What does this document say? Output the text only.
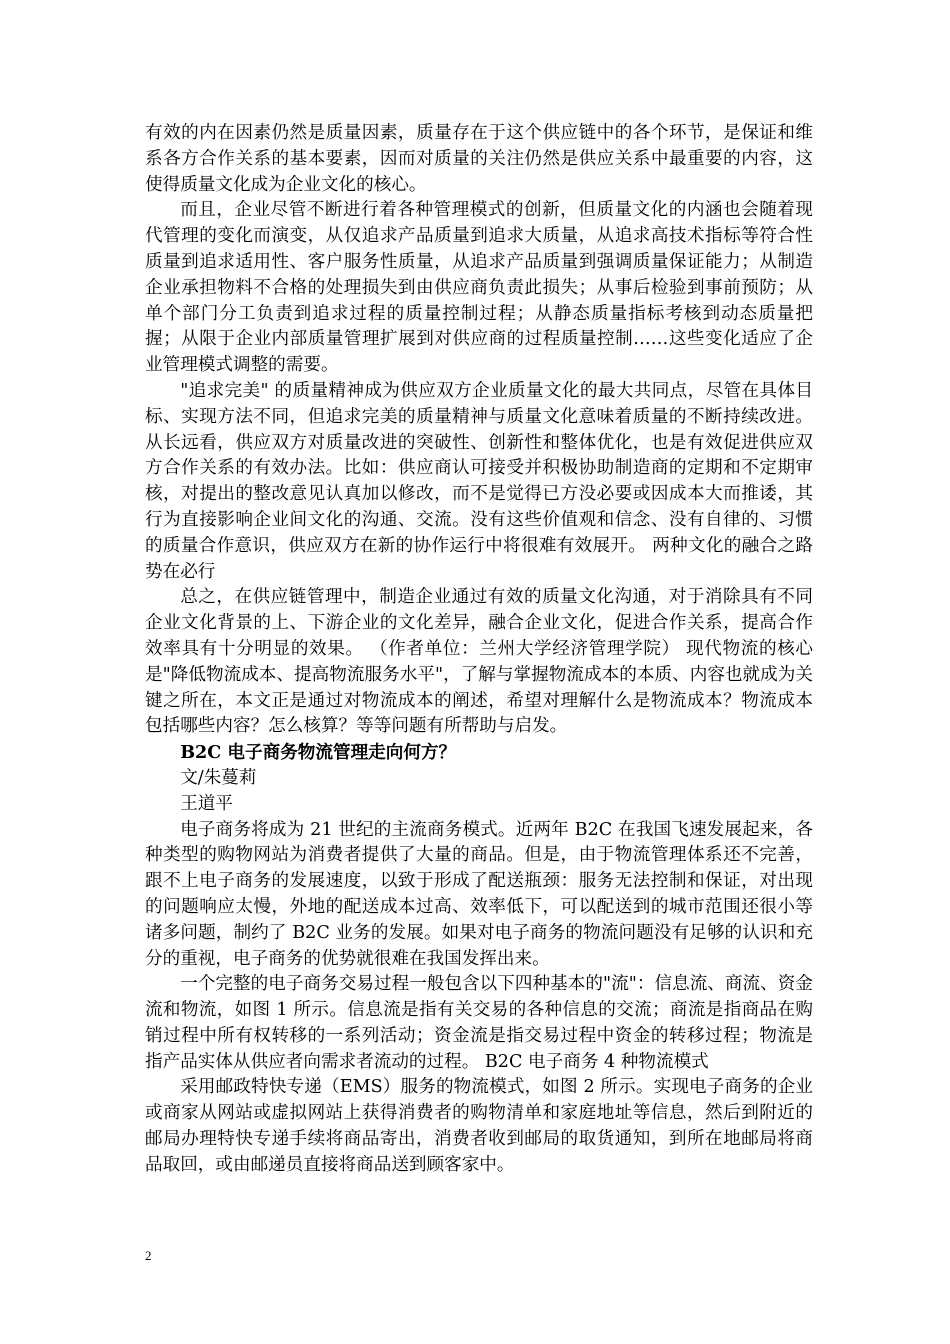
有效的内在因素仍然是质量因素，质量存在于这个供应链中的各个环节，是保证和维系各方合作关系的基本要素，因而对质量的关注仍然是供应关系中最重要的内容，这使得质量文化成为企业文化的核心。

而且，企业尽管不断进行着各种管理模式的创新，但质量文化的内涵也会随着现代管理的变化而演变，从仅追求产品质量到追求大质量，从追求高技术指标等符合性质量到追求适用性、客户服务性质量，从追求产品质量到强调质量保证能力；从制造企业承担物料不合格的处理损失到由供应商负责此损失；从事后检验到事前预防；从单个部门分工负责到追求过程的质量控制过程；从静态质量指标考核到动态质量把握；从限于企业内部质量管理扩展到对供应商的过程质量控制……这些变化适应了企业管理模式调整的需要。

"追求完美" 的质量精神成为供应双方企业质量文化的最大共同点，尽管在具体目标、实现方法不同，但追求完美的质量精神与质量文化意味着质量的不断持续改进。从长远看，供应双方对质量改进的突破性、创新性和整体优化，也是有效促进供应双方合作关系的有效办法。比如：供应商认可接受并积极协助制造商的定期和不定期审核，对提出的整改意见认真加以修改，而不是觉得已方没必要或因成本大而推诿，其行为直接影响企业间文化的沟通、交流。没有这些价值观和信念、没有自律的、习惯的质量合作意识，供应双方在新的协作运行中将很难有效展开。 两种文化的融合之路势在必行

总之，在供应链管理中，制造企业通过有效的质量文化沟通，对于消除具有不同企业文化背景的上、下游企业的文化差异，融合企业文化，促进合作关系，提高合作效率具有十分明显的效果。 （作者单位：兰州大学经济管理学院） 现代物流的核心是"降低物流成本、提高物流服务水平"，了解与掌握物流成本的本质、内容也就成为关键之所在，本文正是通过对物流成本的阐述，希望对理解什么是物流成本？物流成本包括哪些内容？怎么核算？等等问题有所帮助与启发。

B2C 电子商务物流管理走向何方？

文/朱蔓莉

王道平

电子商务将成为 21 世纪的主流商务模式。近两年 B2C 在我国飞速发展起来，各种类型的购物网站为消费者提供了大量的商品。但是，由于物流管理体系还不完善，跟不上电子商务的发展速度，以致于形成了配送瓶颈：服务无法控制和保证，对出现的问题响应太慢，外地的配送成本过高、效率低下，可以配送到的城市范围还很小等诸多问题，制约了 B2C 业务的发展。如果对电子商务的物流问题没有足够的认识和充分的重视，电子商务的优势就很难在我国发挥出来。

一个完整的电子商务交易过程一般包含以下四种基本的"流"：信息流、商流、资金流和物流，如图 1 所示。信息流是指有关交易的各种信息的交流；商流是指商品在购销过程中所有权转移的一系列活动；资金流是指交易过程中资金的转移过程；物流是指产品实体从供应者向需求者流动的过程。 B2C 电子商务 4 种物流模式

采用邮政特快专递（EMS）服务的物流模式，如图 2 所示。实现电子商务的企业或商家从网站或虚拟网站上获得消费者的购物清单和家庭地址等信息，然后到附近的邮局办理特快专递手续将商品寄出，消费者收到邮局的取货通知，到所在地邮局将商品取回，或由邮递员直接将商品送到顾客家中。

2
